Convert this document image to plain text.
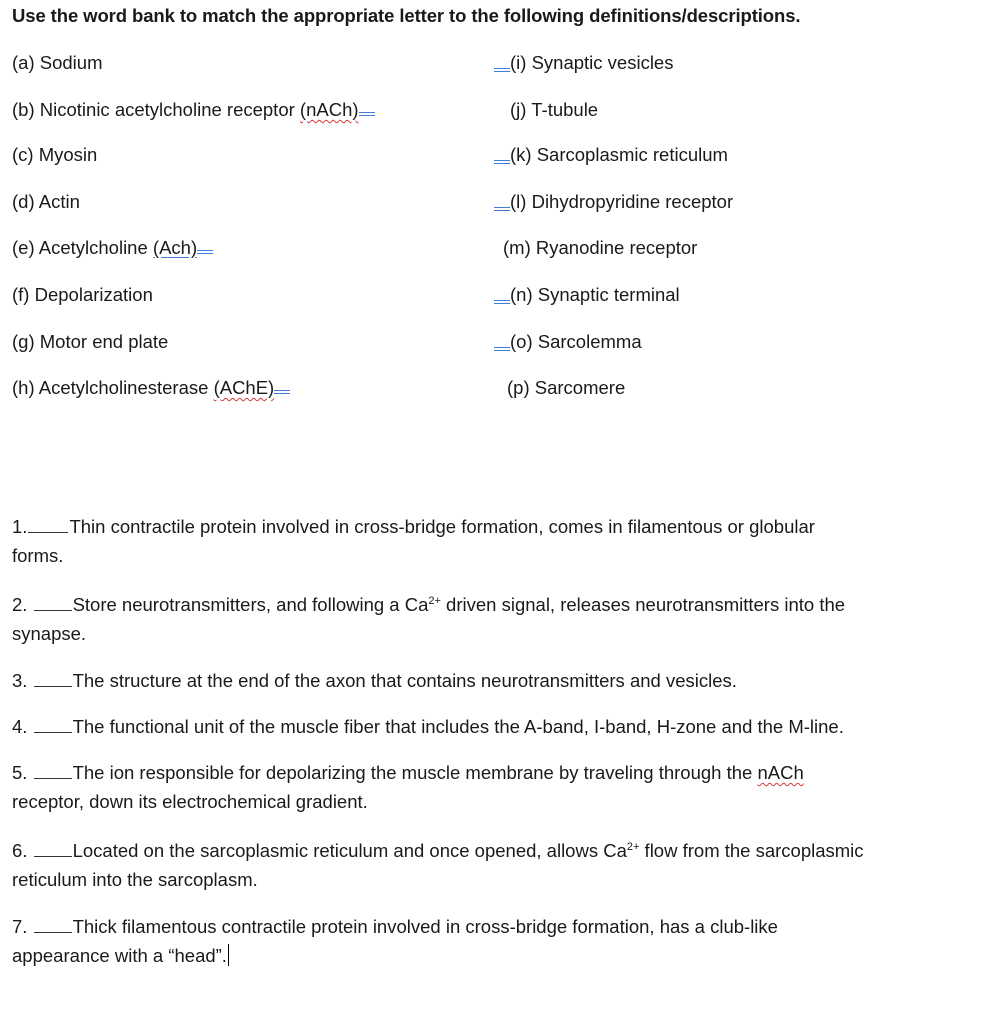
Use the word bank to match the appropriate letter to the following definitions/descriptions.
(a) Sodium
(b) Nicotinic acetylcholine receptor (nACh)
(c) Myosin
(d) Actin
(e) Acetylcholine (Ach)
(f) Depolarization
(g) Motor end plate
(h) Acetylcholinesterase (AChE)
(i) Synaptic vesicles
(j) T-tubule
(k) Sarcoplasmic reticulum
(l) Dihydropyridine receptor
(m) Ryanodine receptor
(n) Synaptic terminal
(o) Sarcolemma
(p) Sarcomere
1. Thin contractile protein involved in cross-bridge formation, comes in filamentous or globular
forms.
2. Store neurotransmitters, and following a $Ca^{2+}$ driven signal, releases neurotransmitters into the
synapse.
3. The structure at the end of the axon that contains neurotransmitters and vesicles.
4. The functional unit of the muscle fiber that includes the A-band, I-band, H-zone and the M-line.
5. The ion responsible for depolarizing the muscle membrane by traveling through the nACh
receptor, down its electrochemical gradient.
6. Located on the sarcoplasmic reticulum and once opened, allows $Ca^{2+}$ flow from the sarcoplasmic
reticulum into the sarcoplasm.
7. Thick filamentous contractile protein involved in cross-bridge formation, has a club-like
appearance with a “head”.
